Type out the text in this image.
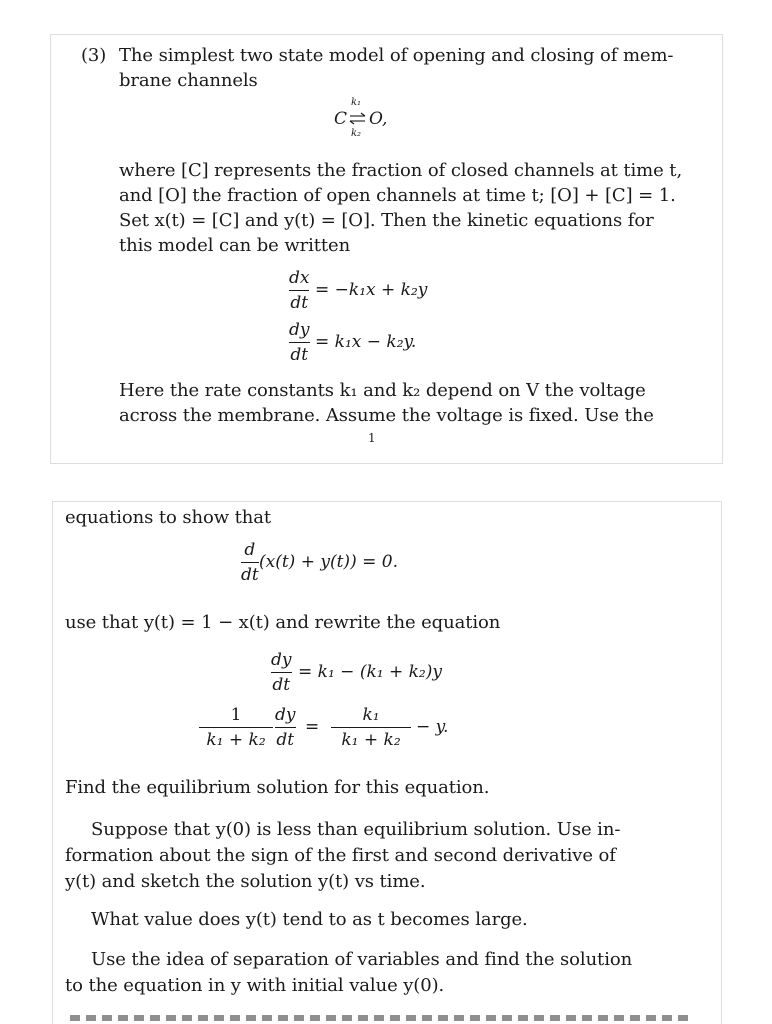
(3) The simplest two state model of opening and closing of mem-
brane channels
C
k₁
k₂
O,
where [C] represents the fraction of closed channels at time t,
and [O] the fraction of open channels at time t; [O] + [C] = 1.
Set x(t) = [C] and y(t) = [O]. Then the kinetic equations for
this model can be written
dx
dt
= −k₁x + k₂y
dy
dt
= k₁x − k₂y.
Here the rate constants k₁ and k₂ depend on V the voltage
across the membrane. Assume the voltage is fixed. Use the
1
equations to show that
d
dt
(x(t) + y(t)) = 0.
use that y(t) = 1 − x(t) and rewrite the equation
dy
dt
= k₁ − (k₁ + k₂)y
1
k₁ + k₂
dy
dt
=
k₁
k₁ + k₂
− y.
Find the equilibrium solution for this equation.
Suppose that y(0) is less than equilibrium solution. Use in-
formation about the sign of the first and second derivative of
y(t) and sketch the solution y(t) vs time.
What value does y(t) tend to as t becomes large.
Use the idea of separation of variables and find the solution
to the equation in y with initial value y(0).
